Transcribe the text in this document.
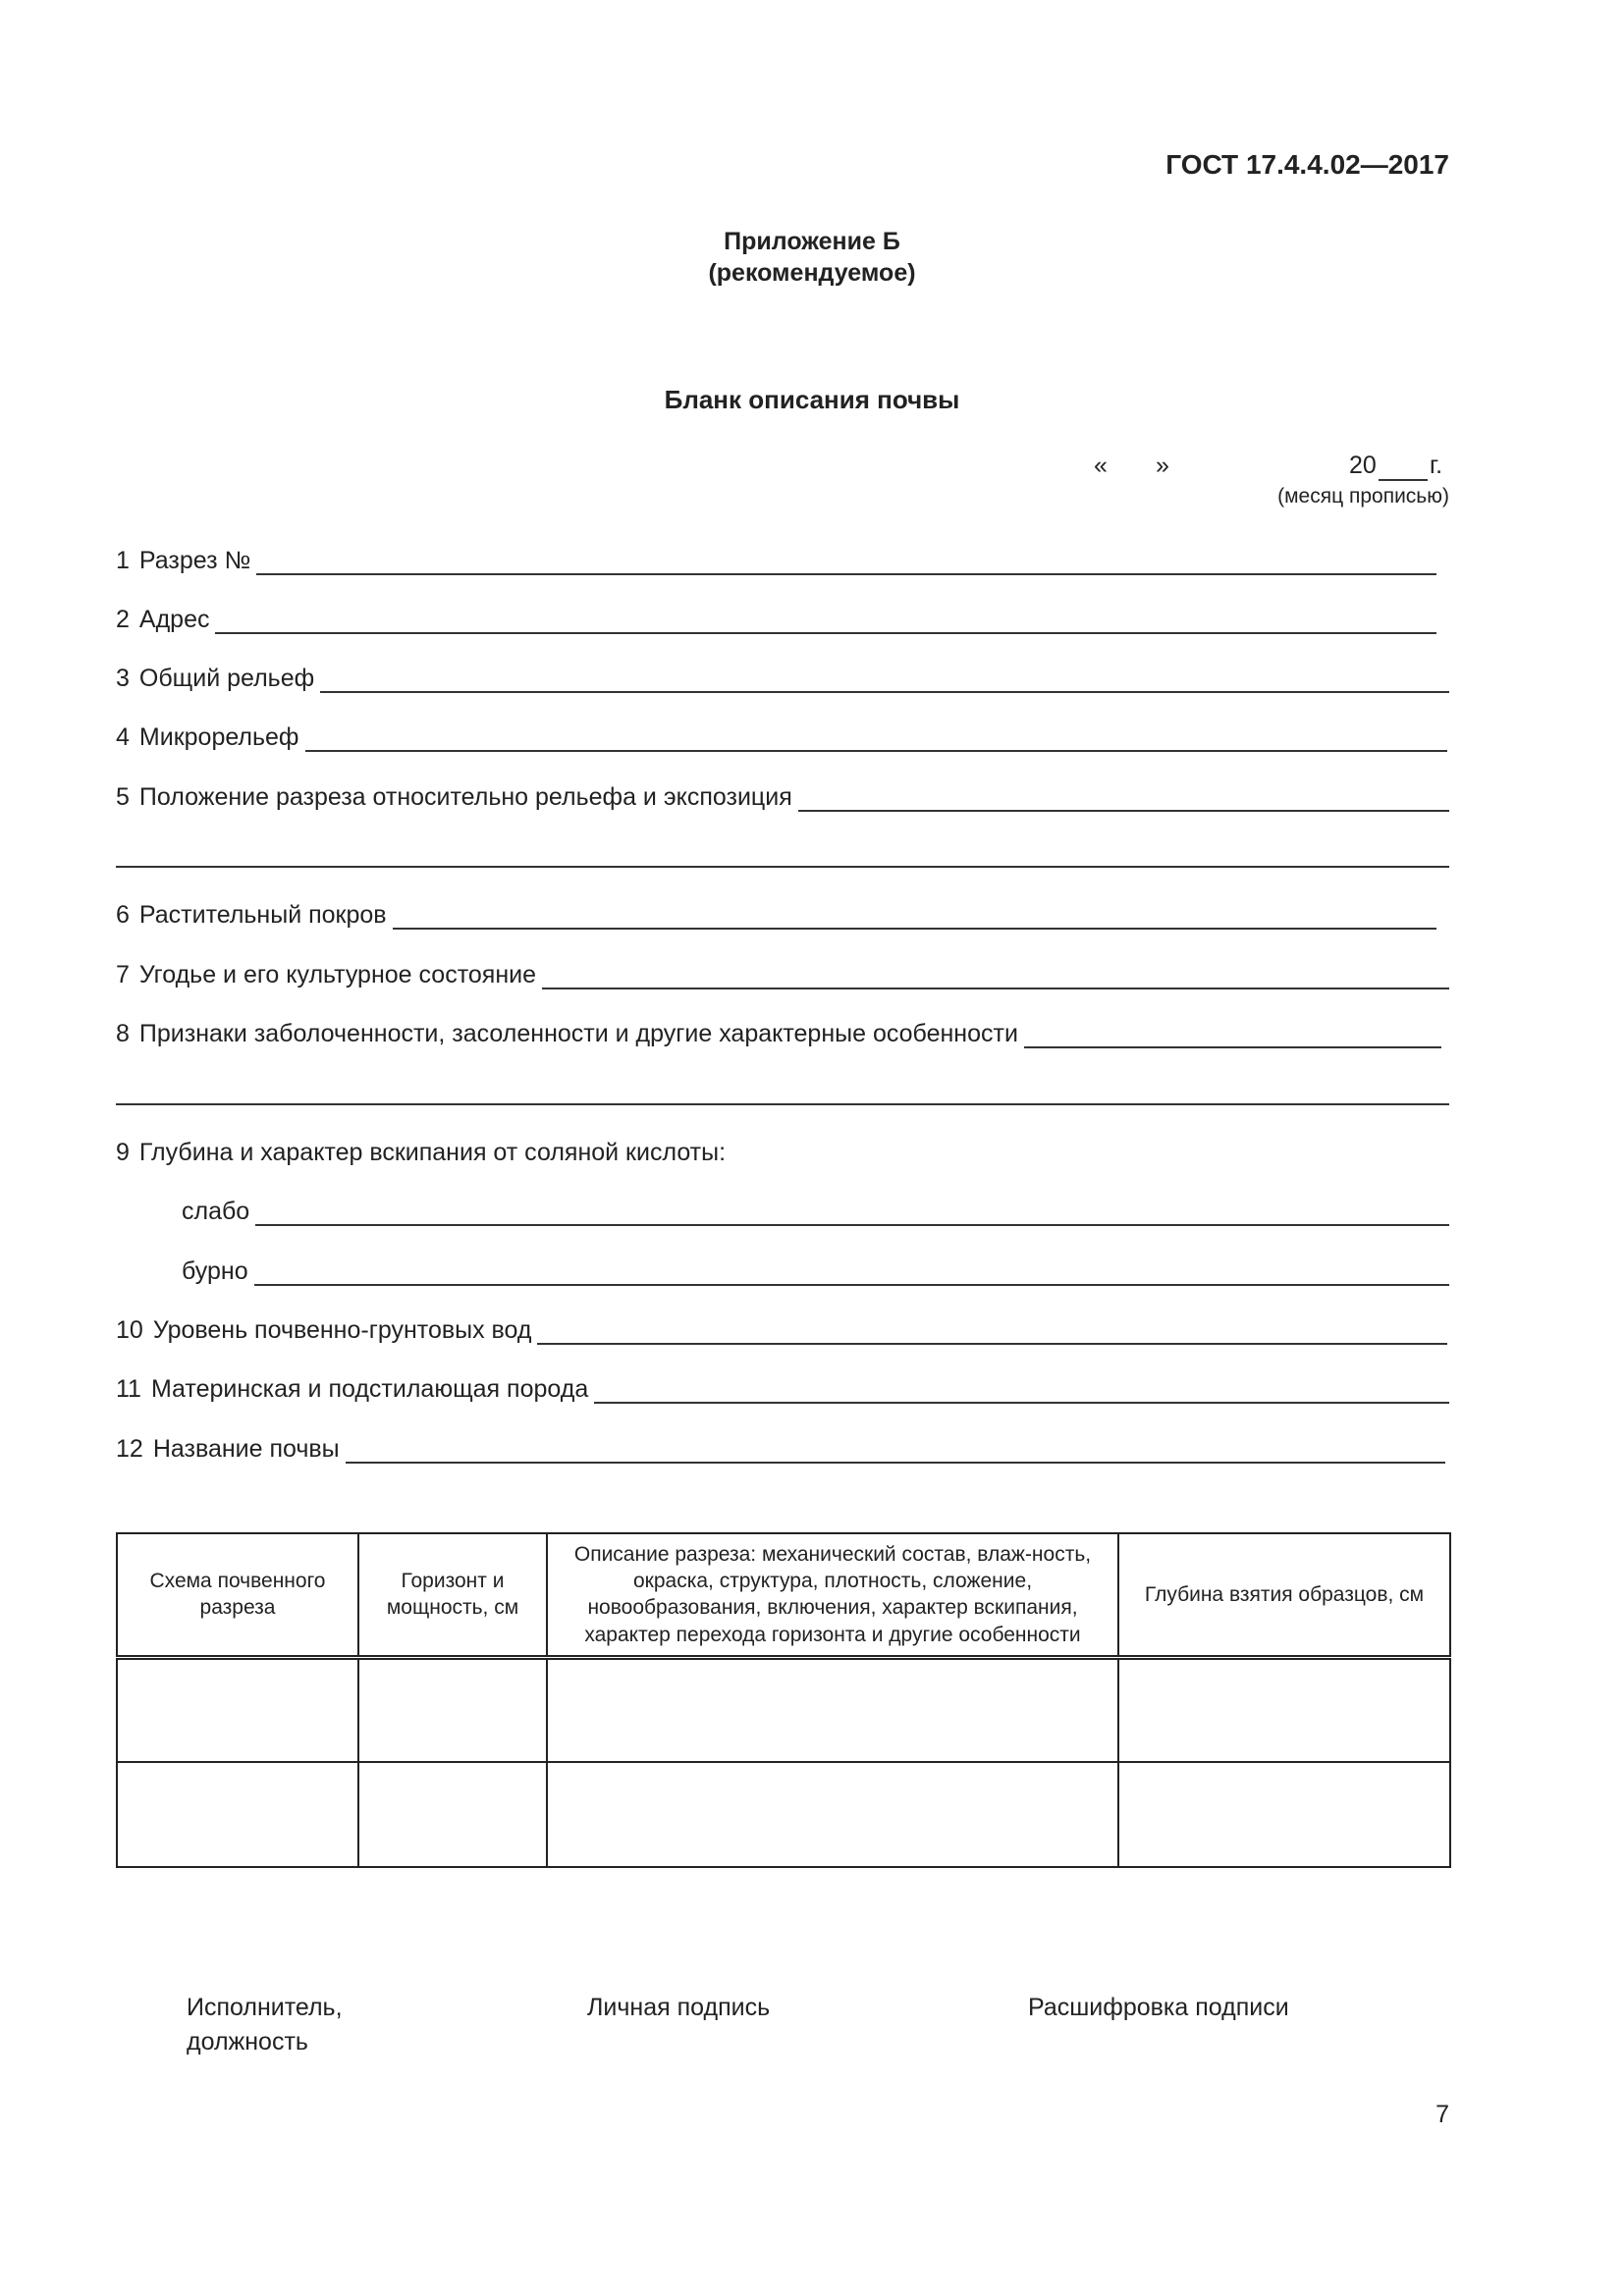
ГОСТ 17.4.4.02—2017
Приложение Б
(рекомендуемое)
Бланк описания почвы
« »	20 г.
(месяц прописью)
1 Разрез №
2 Адрес
3 Общий рельеф
4 Микрорельеф
5 Положение разреза относительно рельефа и экспозиция
6 Растительный покров
7 Угодье и его культурное состояние
8 Признаки заболоченности, засоленности и другие характерные особенности
9 Глубина и характер вскипания от соляной кислоты:
слабо
бурно
10 Уровень почвенно-грунтовых вод
11 Материнская и подстилающая порода
12 Название почвы
Схема почвенного разреза	Горизонт и мощность, см	Описание разреза: механический состав, влаж-ность, окраска, структура, плотность, сложение, новообразования, включения, характер вскипания, характер перехода горизонта и другие особенности	Глубина взятия образцов, см

Исполнитель,
должность
Личная подпись	Расшифровка подписи
7
